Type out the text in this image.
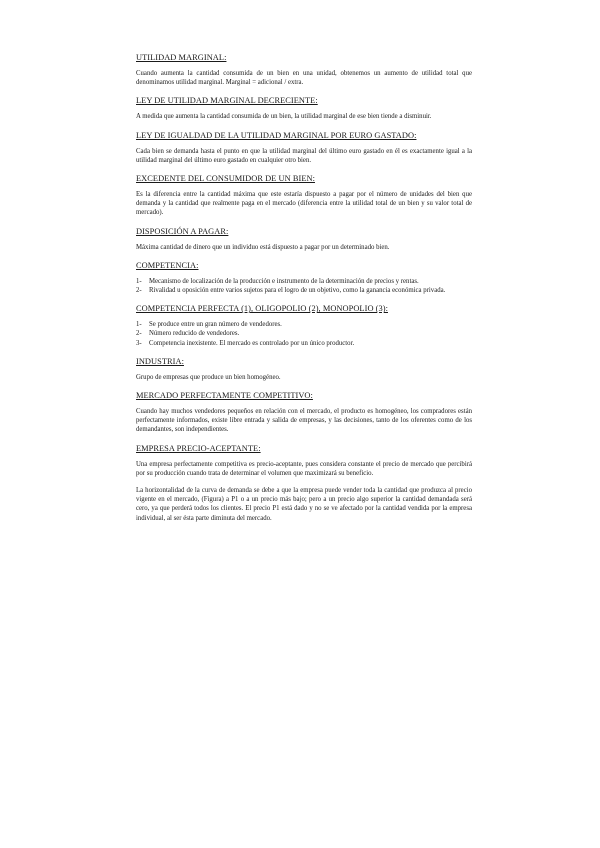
UTILIDAD MARGINAL:

Cuando aumenta la cantidad consumida de un bien en una unidad, obtenemos un aumento de utilidad total que denominamos utilidad marginal. Marginal = adicional / extra.

LEY DE UTILIDAD MARGINAL DECRECIENTE:

A medida que aumenta la cantidad consumida de un bien, la utilidad marginal de ese bien tiende a disminuir.

LEY DE IGUALDAD DE LA UTILIDAD MARGINAL POR EURO GASTADO:

Cada bien se demanda hasta el punto en que la utilidad marginal del último euro gastado en él es exactamente igual a la utilidad marginal del último euro gastado en cualquier otro bien.

EXCEDENTE DEL CONSUMIDOR DE UN BIEN:

Es la diferencia entre la cantidad máxima que este estaría dispuesto a pagar por el número de unidades del bien que demanda y la cantidad que realmente paga en el mercado (diferencia entre la utilidad total de un bien y su valor total de mercado).

DISPOSICIÓN A PAGAR:

Máxima cantidad de dinero que un individuo está dispuesto a pagar por un determinado bien.

COMPETENCIA:
1-	Mecanismo de localización de la producción e instrumento de la determinación de precios y rentas.
2-	Rivalidad u oposición entre varios sujetos para el logro de un objetivo, como la ganancia económica privada.
COMPETENCIA PERFECTA (1), OLIGOPOLIO (2), MONOPOLIO (3):
1-	Se produce entre un gran número de vendedores.
2-	Número reducido de vendedores.
3-	Competencia inexistente. El mercado es controlado por un único productor.
INDUSTRIA:

Grupo de empresas que produce un bien homogéneo.

MERCADO PERFECTAMENTE COMPETITIVO:

Cuando hay muchos vendedores pequeños en relación con el mercado, el producto es homogéneo, los compradores están perfectamente informados, existe libre entrada y salida de empresas, y las decisiones, tanto de los oferentes como de los demandantes, son independientes.

EMPRESA PRECIO-ACEPTANTE:

Una empresa perfectamente competitiva es precio-aceptante, pues considera constante el precio de mercado que percibirá por su producción cuando trata de determinar el volumen que maximizará su beneficio.

La horizontalidad de la curva de demanda se debe a que la empresa puede vender toda la cantidad que produzca al precio vigente en el mercado, (Figura) a P1 o a un precio más bajo; pero a un precio algo superior la cantidad demandada será cero, ya que perderá todos los clientes. El precio P1 está dado y no se ve afectado por la cantidad vendida por la empresa individual, al ser ésta parte diminuta del mercado.
